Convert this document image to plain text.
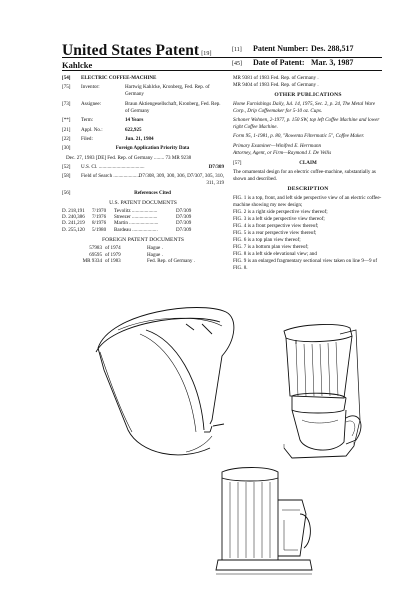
United States Patent [19]
Kahlcke
[11]	Patent Number: Des. 288,517
[45]	Date of Patent: Mar. 3, 1987
[54]	ELECTRIC COFFEE-MACHINE
[75]	Inventor:	Hartwig Kahlcke, Kronberg, Fed. Rep. of Germany
[73]	Assignee:	Braun Aktiengesellschaft, Kronberg, Fed. Rep. of Germany
[**]	Term:	14 Years
[21]	Appl. No.:	622,925
[22]	Filed:	Jun. 21, 1984
[30]	Foreign Application Priority Data
Dec. 27, 1983 [DE] Fed. Rep. of Germany ........ 73 MR 9238
[52]	U.S. Cl. ....................................	D7/309
[58]	Field of Search .....................
D7/308, 309, 300, 306, D7/307, 305, 310, 311, 319
[56]	References Cited
U.S. PATENT DOCUMENTS
D. 218,191	7/1970	Tevolitz ....................	D7/309
D. 240,386	7/1976	Streezer ....................	D7/309
D. 241,219	8/1976	Martin .......................	D7/309
D. 255,120	5/1980	Bardeau ....................	D7/309
FOREIGN PATENT DOCUMENTS
57983 of 1974	Hague .
69595 of 1979	Hague .
MR 9334 of 1983	Fed. Rep. of Germany .
MR 9381 of 1983 Fed. Rep. of Germany .
MR 9404 of 1983 Fed. Rep. of Germany .
OTHER PUBLICATIONS
Home Furnishings Daily, Jul. 14, 1975, Sec. 2, p. 24, The Metal Ware Corp., Drip Coffeemaker for 5-10 oz. Cups.
Schoner Wohnen, 2-1977, p. 150 SW, top left Coffee Machine and lower right Coffee Machine.
Form 95, 1-1981, p. 80, "Rowenta Filtermatic 5", Coffee Maker.
Primary Examiner—Winifred E. Herrmann
Attorney, Agent, or Firm—Raymond J. De Vellis
[57]	CLAIM
The ornamental design for an electric coffee-machine, substantially as shown and described.
DESCRIPTION
FIG. 1 is a top, front, and left side perspective view of an electric coffee-machine showing my new design;
FIG. 2 is a right side perspective view thereof;
FIG. 3 is a left side perspective view thereof;
FIG. 4 is a front perspective view thereof;
FIG. 5 is a rear perspective view thereof;
FIG. 6 is a top plan view thereof;
FIG. 7 is a bottom plan view thereof;
FIG. 8 is a left side elevational view; and
FIG. 9 is an enlarged fragmentary sectional view taken on line 9—9 of FIG. 8.
